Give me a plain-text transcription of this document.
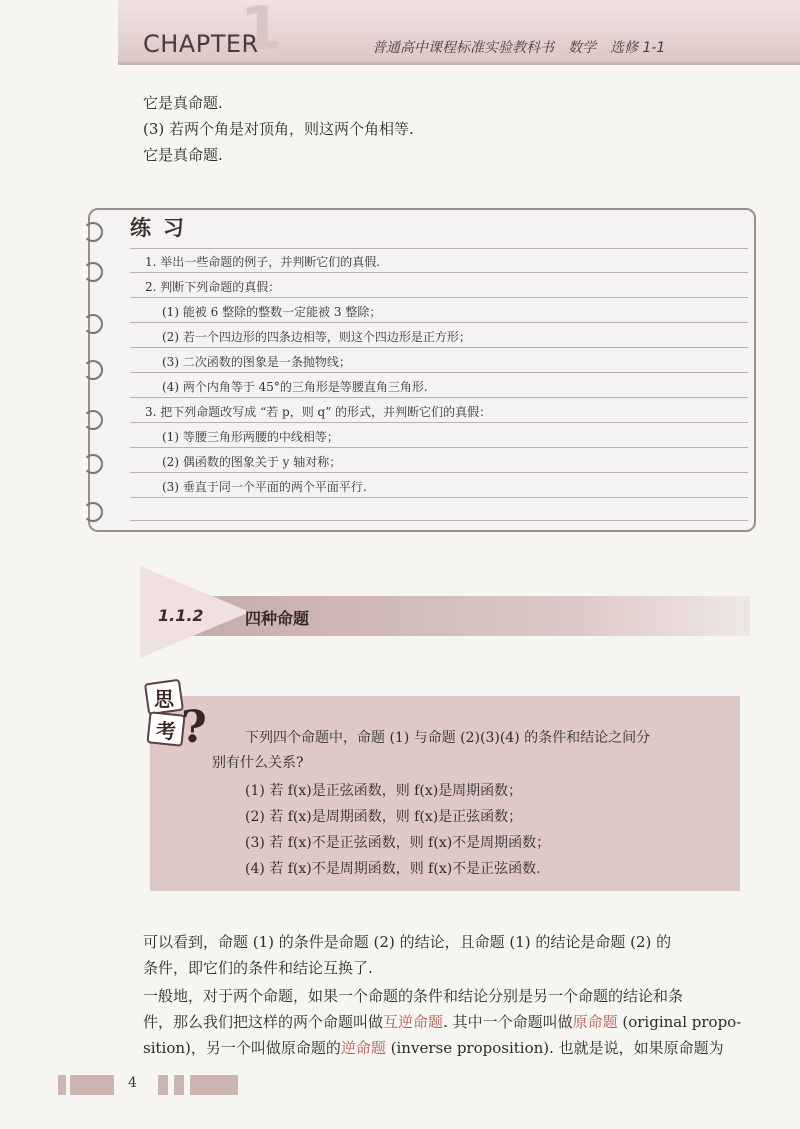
1
CHAPTER	普通高中课程标准实验教科书　数学　选修 1-1
它是真命题.
(3) 若两个角是对顶角，则这两个角相等.
它是真命题.
练习
1. 举出一些命题的例子，并判断它们的真假.
2. 判断下列命题的真假：
(1) 能被 6 整除的整数一定能被 3 整除；
(2) 若一个四边形的四条边相等，则这个四边形是正方形；
(3) 二次函数的图象是一条抛物线；
(4) 两个内角等于 45°的三角形是等腰直角三角形.
3. 把下列命题改写成 “若 p，则 q” 的形式，并判断它们的真假：
(1) 等腰三角形两腰的中线相等；
(2) 偶函数的图象关于 y 轴对称；
(3) 垂直于同一个平面的两个平面平行.
1.1.2	四种命题
思
考 ?	下列四个命题中，命题 (1) 与命题 (2)(3)(4) 的条件和结论之间分
别有什么关系?
(1) 若 f(x)是正弦函数，则 f(x)是周期函数；
(2) 若 f(x)是周期函数，则 f(x)是正弦函数；
(3) 若 f(x)不是正弦函数，则 f(x)不是周期函数；
(4) 若 f(x)不是周期函数，则 f(x)不是正弦函数.
可以看到，命题 (1) 的条件是命题 (2) 的结论，且命题 (1) 的结论是命题 (2) 的
条件，即它们的条件和结论互换了.
一般地，对于两个命题，如果一个命题的条件和结论分别是另一个命题的结论和条
件，那么我们把这样的两个命题叫做互逆命题. 其中一个命题叫做原命题 (original propo-
sition)，另一个叫做原命题的逆命题 (inverse proposition). 也就是说，如果原命题为
4
